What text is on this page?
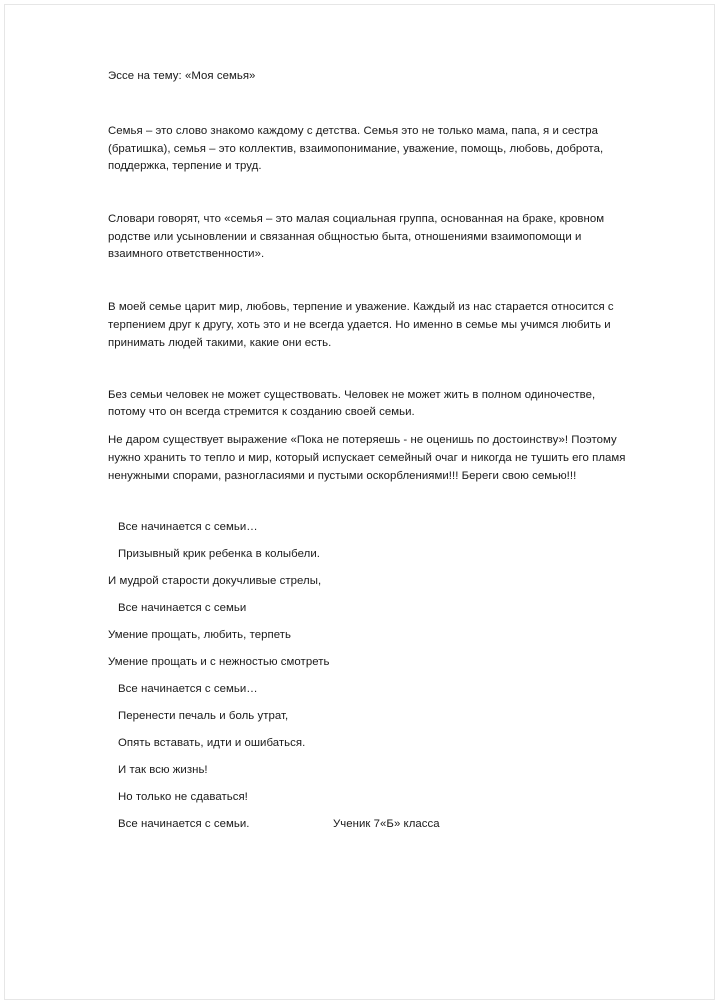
Эссе на тему: «Моя семья»
Семья – это слово знакомо каждому с детства. Семья это не только мама, папа, я и сестра
(братишка), семья – это коллектив, взаимопонимание, уважение, помощь, любовь, доброта,
поддержка, терпение и труд.
Словари говорят, что «семья – это малая социальная группа, основанная на браке, кровном
родстве или усыновлении и связанная общностью быта, отношениями взаимопомощи и
взаимного ответственности».
В моей семье царит мир, любовь, терпение и уважение. Каждый из нас старается относится с
терпением друг к другу, хоть это и не всегда удается. Но именно в семье мы учимся любить и
принимать людей такими, какие они есть.
Без семьи человек не может существовать. Человек не может жить в полном одиночестве,
потому что он всегда стремится к созданию своей семьи.
Не даром существует выражение «Пока не потеряешь - не оценишь по достоинству»! Поэтому
нужно хранить то тепло и мир, который испускает семейный очаг и никогда не тушить его пламя
ненужными спорами, разногласиями и пустыми оскорблениями!!! Береги свою семью!!!
Все начинается с семьи…
Призывный крик ребенка в колыбели.
И мудрой старости докучливые стрелы,
Все начинается с семьи
Умение прощать, любить, терпеть
Умение прощать и с нежностью смотреть
Все начинается с семьи…
Перенести печаль и боль утрат,
Опять вставать, идти и ошибаться.
И так всю жизнь!
Но только не сдаваться!
Все начинается с семьи.	Ученик 7«Б» класса
